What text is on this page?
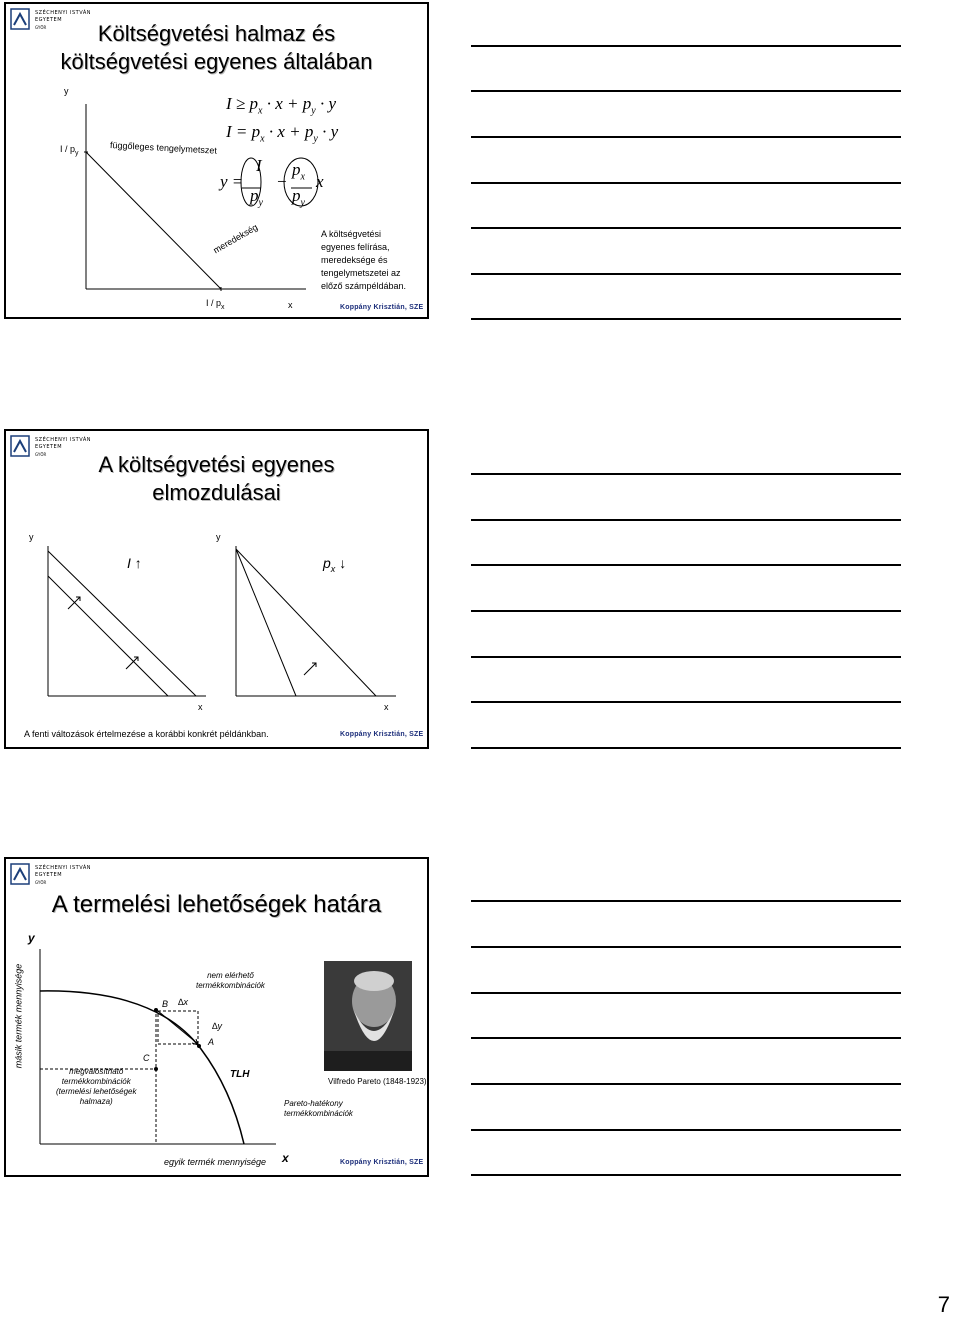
SZÉCHENYI ISTVÁN
EGYETEM
GYŐR	Költségvetési halmaz és
költségvetési egyenes általában
y
I / $p_y$	függőleges tengelymetszet
meredekség
I / $p_x$	x
$I \ge p_x \cdot x + p_y \cdot y$
$I = p_x \cdot x + p_y \cdot y$
y =
I
$p_y$
−
$p_x$
$p_y$
x
A költségvetési
egyenes felírása,
meredeksége és
tengelymetszetei az
előző számpéldában.
Koppány Krisztián, SZE
SZÉCHENYI ISTVÁN
EGYETEM
GYŐR	A költségvetési egyenes
elmozdulásai
y	y
I ↑	$p_x$ ↓
x	x
A fenti változások értelmezése a korábbi konkrét példánkban.	Koppány Krisztián, SZE
SZÉCHENYI ISTVÁN
EGYETEM
GYŐR
A termelési lehetőségek határa
y
másik termék mennyisége
egyik termék mennyisége x
nem elérhető
termékkombinációk
megvalósítható
termékkombinációk
(termelési lehetőségek
halmaza)
B
C
A
∆x
∆y
TLH
Pareto-hatékony
termékkombinációk
Vilfredo Pareto (1848-1923)
Koppány Krisztián, SZE
7
